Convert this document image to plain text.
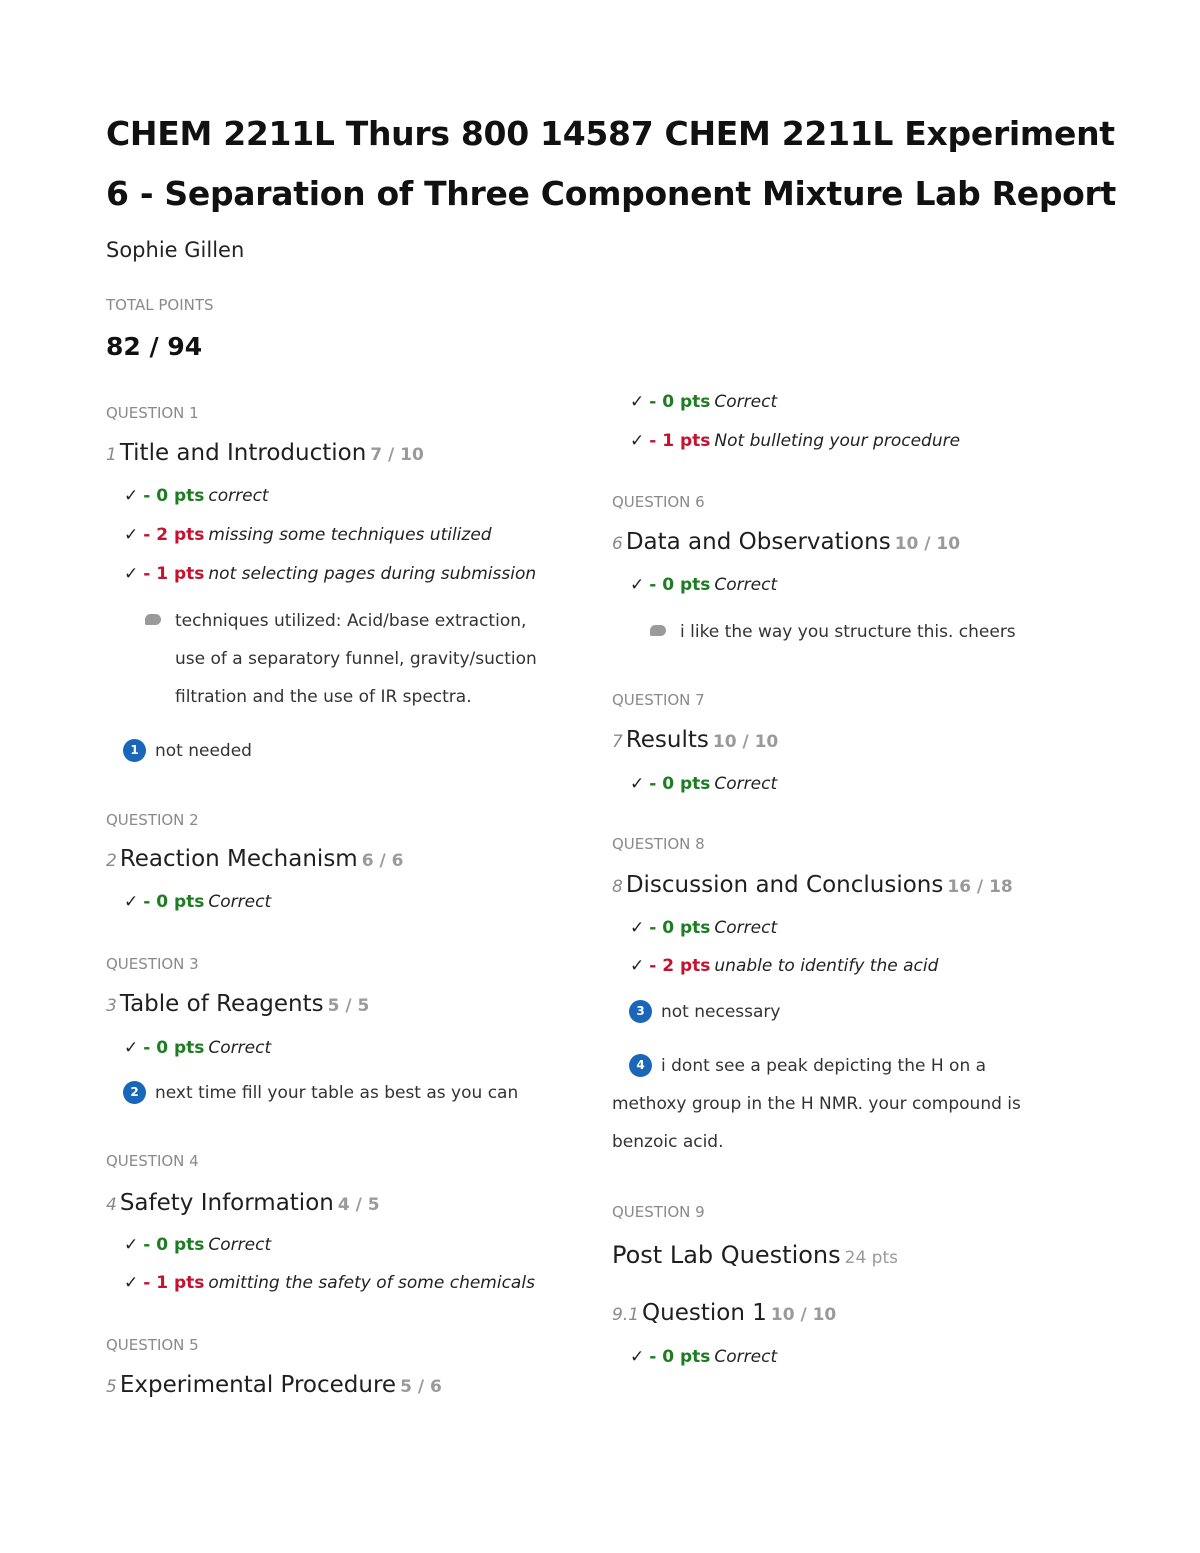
CHEM 2211L Thurs 800 14587 CHEM 2211L Experiment 6 - Separation of Three Component Mixture Lab Report
Sophie Gillen
TOTAL POINTS
82 / 94
QUESTION 1
1 Title and Introduction 7 / 10
✓ - 0 pts correct
✓ - 2 pts missing some techniques utilized
✓ - 1 pts not selecting pages during submission
techniques utilized: Acid/base extraction,
use of a separatory funnel, gravity/suction
filtration and the use of IR spectra.
1 not needed
QUESTION 2
2 Reaction Mechanism 6 / 6
✓ - 0 pts Correct
QUESTION 3
3 Table of Reagents 5 / 5
✓ - 0 pts Correct
2 next time fill your table as best as you can
QUESTION 4
4 Safety Information 4 / 5
✓ - 0 pts Correct
✓ - 1 pts omitting the safety of some chemicals
QUESTION 5
5 Experimental Procedure 5 / 6
✓ - 0 pts Correct
✓ - 1 pts Not bulleting your procedure
QUESTION 6
6 Data and Observations 10 / 10
✓ - 0 pts Correct
i like the way you structure this. cheers
QUESTION 7
7 Results 10 / 10
✓ - 0 pts Correct
QUESTION 8
8 Discussion and Conclusions 16 / 18
✓ - 0 pts Correct
✓ - 2 pts unable to identify the acid
3 not necessary
4 i dont see a peak depicting the H on a
methoxy group in the H NMR. your compound is
benzoic acid.
QUESTION 9
Post Lab Questions 24 pts
9.1 Question 1 10 / 10
✓ - 0 pts Correct
